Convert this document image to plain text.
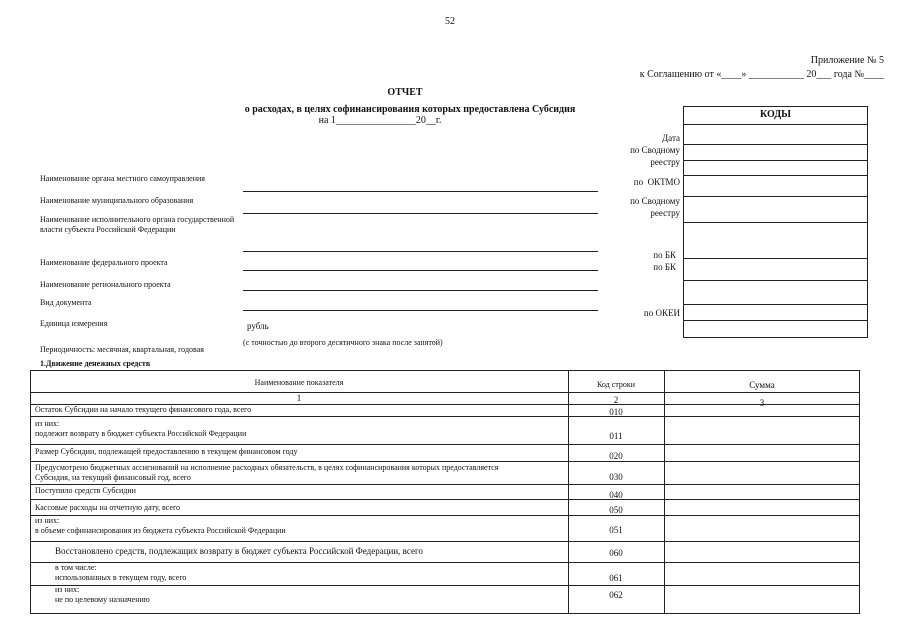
52
Приложение № 5
к Соглашению от «____» ___________ 20___ года №____
ОТЧЕТ
о расходах, в целях софинансирования которых предоставлена Субсидия
на 1________________20__г.
КОДЫ
Дата
по Сводному
реестру
по  ОКТМО
по Сводному
реестру
по БК
по БК
по ОКЕИ
Наименование органа местного самоуправления
Наименование муниципального образования
Наименование исполнительного органа государственной власти субъекта Российской Федерации
Наименование федерального проекта
Наименование регионального проекта
Вид документа
Единица измерения	рубль
(с точностью до второго десятичного знака после запятой)
Периодичность: месячная, квартальная, годовая
1.Движение денежных средств
Наименование показателя	Код строки	Сумма
1	2	3
Остаток Субсидии на начало текущего финансового года, всего	010
из них:
подлежит возврату в бюджет субъекта Российской Федерации	011
Размер Субсидии, подлежащей предоставлению в текущем финансовом году	020
Предусмотрено бюджетных ассигнований на исполнение расходных обязательств, в целях софинансирования которых предоставляется Субсидия, на текущий финансовый год, всего	030
Поступило средств Субсидии	040
Кассовые расходы на отчетную дату, всего	050
из них:
в объеме софинансирования из бюджета субъекта Российской Федерации	051
Восстановлено средств, подлежащих возврату в бюджет субъекта Российской Федерации, всего	060
в том числе:
использованных в текущем году, всего	061
из них:
не по целевому назначению	062
